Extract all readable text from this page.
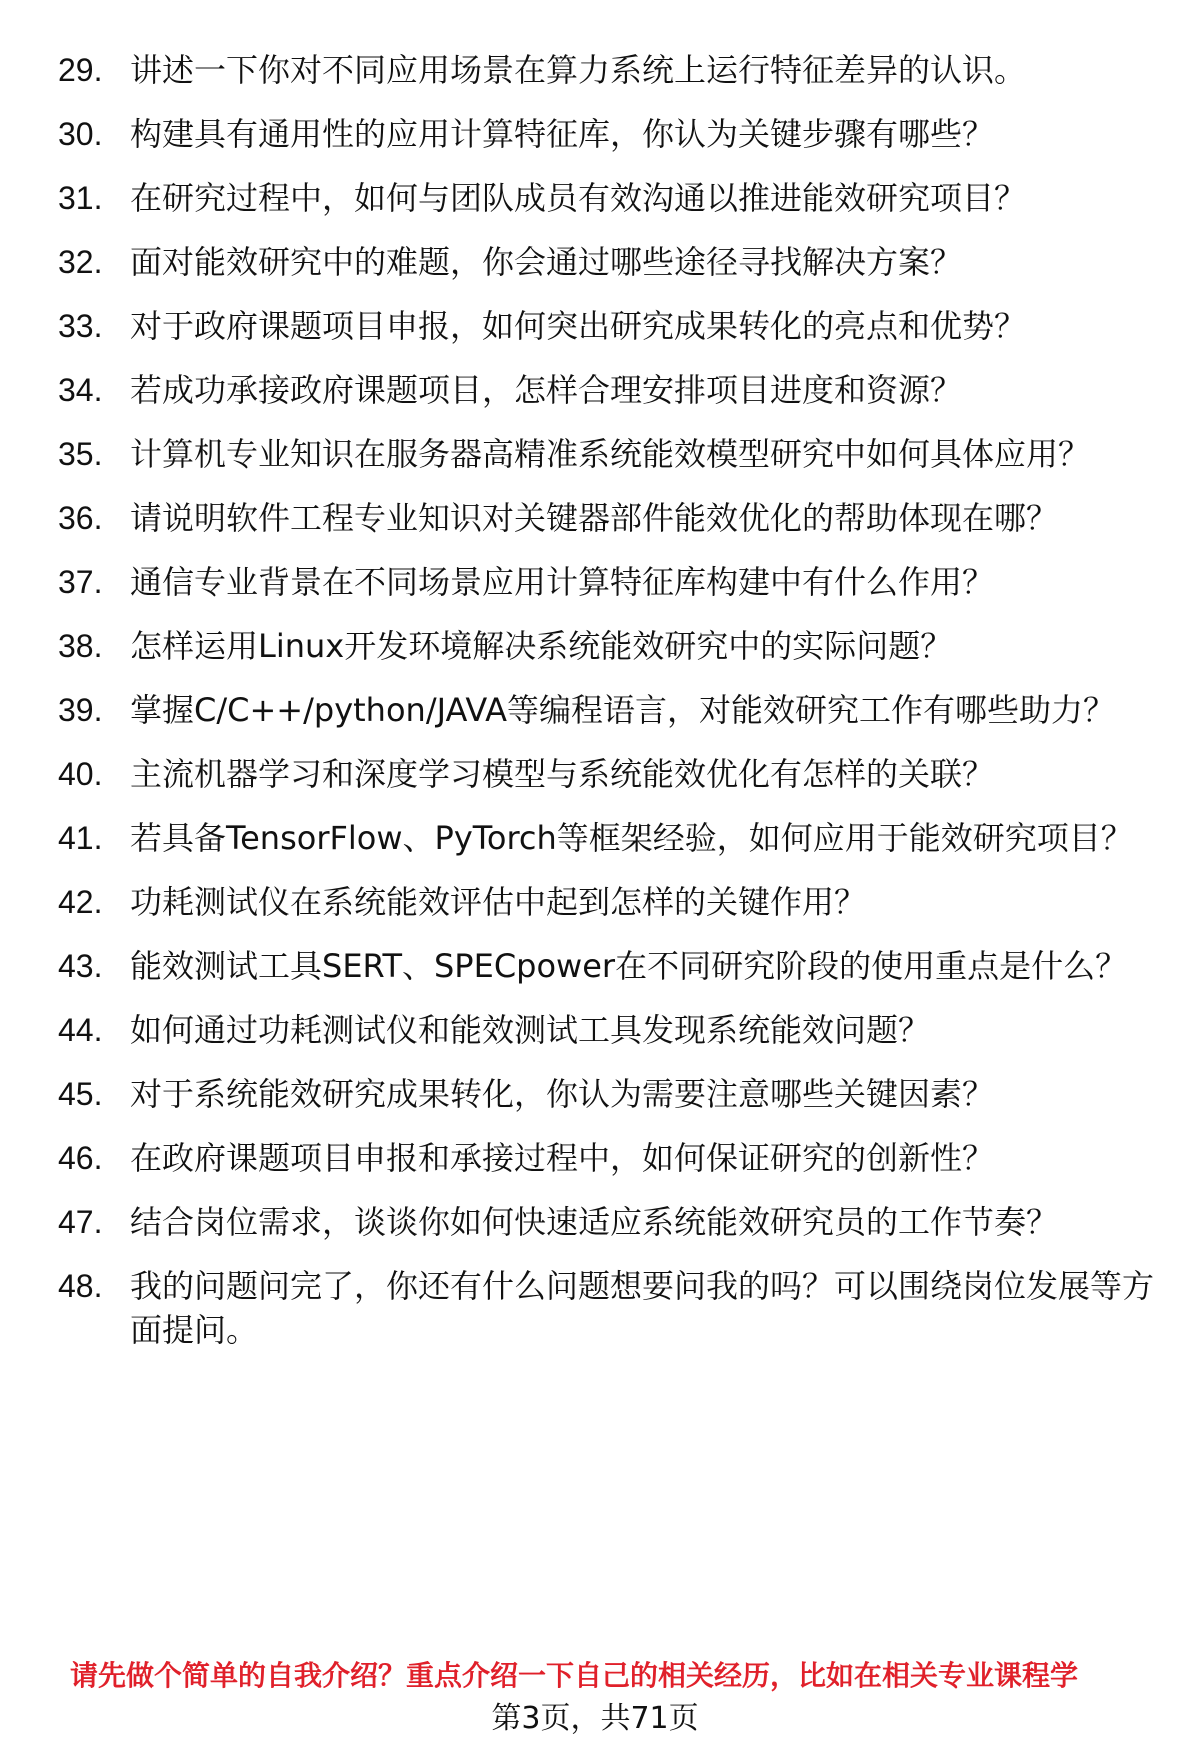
29. 讲述一下你对不同应用场景在算力系统上运行特征差异的认识。
30. 构建具有通用性的应用计算特征库，你认为关键步骤有哪些？
31. 在研究过程中，如何与团队成员有效沟通以推进能效研究项目？
32. 面对能效研究中的难题，你会通过哪些途径寻找解决方案？
33. 对于政府课题项目申报，如何突出研究成果转化的亮点和优势？
34. 若成功承接政府课题项目，怎样合理安排项目进度和资源？
35. 计算机专业知识在服务器高精准系统能效模型研究中如何具体应用？
36. 请说明软件工程专业知识对关键器部件能效优化的帮助体现在哪？
37. 通信专业背景在不同场景应用计算特征库构建中有什么作用？
38. 怎样运用Linux开发环境解决系统能效研究中的实际问题？
39. 掌握C/C++/python/JAVA等编程语言，对能效研究工作有哪些助力？
40. 主流机器学习和深度学习模型与系统能效优化有怎样的关联？
41. 若具备TensorFlow、PyTorch等框架经验，如何应用于能效研究项目？
42. 功耗测试仪在系统能效评估中起到怎样的关键作用？
43. 能效测试工具SERT、SPECpower在不同研究阶段的使用重点是什么？
44. 如何通过功耗测试仪和能效测试工具发现系统能效问题？
45. 对于系统能效研究成果转化，你认为需要注意哪些关键因素？
46. 在政府课题项目申报和承接过程中，如何保证研究的创新性？
47. 结合岗位需求，谈谈你如何快速适应系统能效研究员的工作节奏？
48. 我的问题问完了，你还有什么问题想要问我的吗？可以围绕岗位发展等方面提问。
请先做个简单的自我介绍？重点介绍一下自己的相关经历，比如在相关专业课程学
第3页，共71页
